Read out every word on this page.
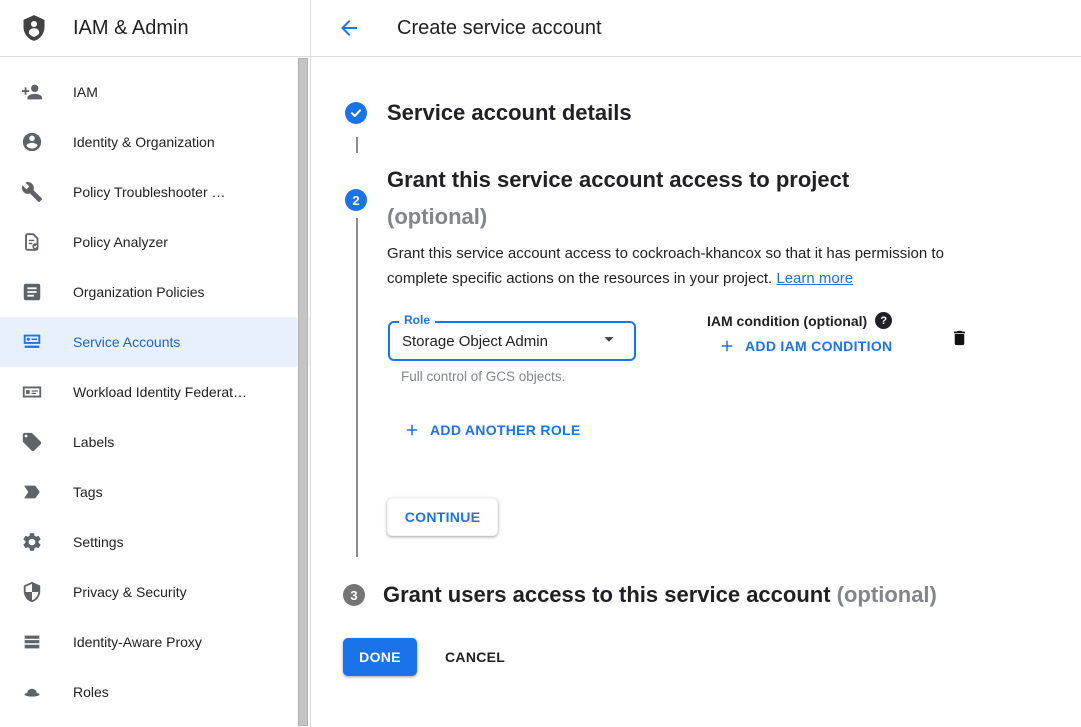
IAM & Admin	Create service account
IAM
Identity & Organization
Policy Troubleshooter …
Policy Analyzer
Organization Policies
Service Accounts
Workload Identity Federat…
Labels
Tags
Settings
Privacy & Security
Identity-Aware Proxy
Roles
Service account details
2
Grant this service account access to project
(optional)
Grant this service account access to cockroach-khancox so that it has permission to complete specific actions on the resources in your project. Learn more
Storage Object Admin
Role
Full control of GCS objects.
IAM condition (optional)	?
ADD IAM CONDITION
ADD ANOTHER ROLE
CONTINUE
3 Grant users access to this service account (optional)
DONE	CANCEL
